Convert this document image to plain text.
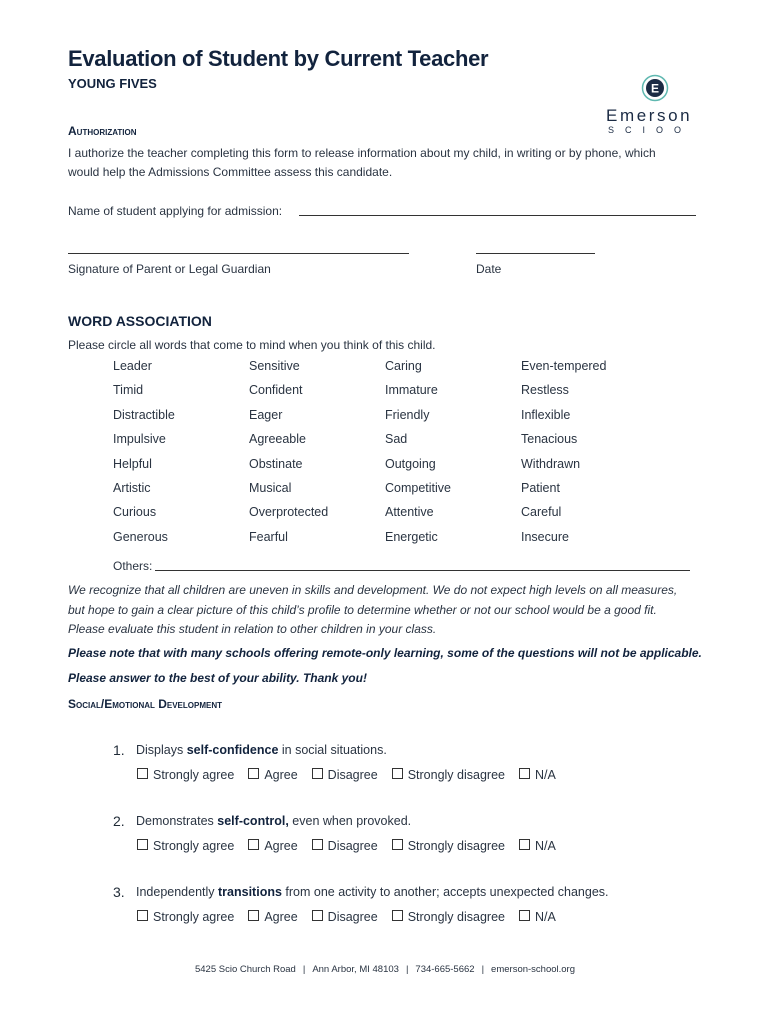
Evaluation of Student by Current Teacher
YOUNG FIVES	E
Emerson
SCIOO
Authorization
I authorize the teacher completing this form to release information about my child, in writing or by phone, which
would help the Admissions Committee assess this candidate.
Name of student applying for admission:
Signature of Parent or Legal Guardian	Date
WORD ASSOCIATION
Please circle all words that come to mind when you think of this child.
Leader
Timid
Distractible
Impulsive
Helpful
Artistic
Curious
Generous
Sensitive
Confident
Eager
Agreeable
Obstinate
Musical
Overprotected
Fearful
Caring
Immature
Friendly
Sad
Outgoing
Competitive
Attentive
Energetic
Even-tempered
Restless
Inflexible
Tenacious
Withdrawn
Patient
Careful
Insecure
Others:
We recognize that all children are uneven in skills and development. We do not expect high levels on all measures,
but hope to gain a clear picture of this child’s profile to determine whether or not our school would be a good fit.
Please evaluate this student in relation to other children in your class.
Please note that with many schools offering remote-only learning, some of the questions will not be applicable.
Please answer to the best of your ability. Thank you!
Social/Emotional Development
1. Displays self-confidence in social situations.
Strongly agree Agree Disagree Strongly disagree N/A
2. Demonstrates self-control, even when provoked.
Strongly agree Agree Disagree Strongly disagree N/A
3. Independently transitions from one activity to another; accepts unexpected changes.
Strongly agree Agree Disagree Strongly disagree N/A
5425 Scio Church Road | Ann Arbor, MI 48103 | 734-665-5662 | emerson-school.org
